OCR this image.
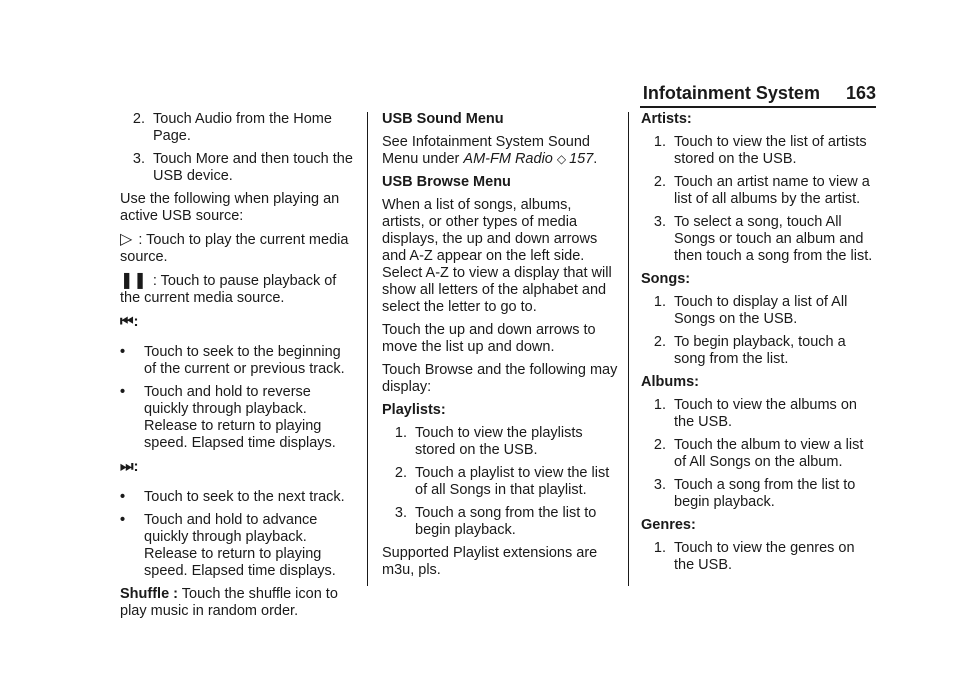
Infotainment System 163
2. Touch Audio from the Home Page.
3. Touch More and then touch the USB device.

Use the following when playing an active USB source:

▷ : Touch to play the current media source.

❚❚ : Touch to pause playback of the current media source.

⏮:

•	Touch to seek to the beginning of the current or previous track.
•	Touch and hold to reverse quickly through playback. Release to return to playing speed. Elapsed time displays.

⏭:

•	Touch to seek to the next track.
•	Touch and hold to advance quickly through playback. Release to return to playing speed. Elapsed time displays.

Shuffle : Touch the shuffle icon to play music in random order.

USB Sound Menu

See Infotainment System Sound Menu under AM-FM Radio ◇ 157.

USB Browse Menu

When a list of songs, albums, artists, or other types of media displays, the up and down arrows and A-Z appear on the left side. Select A-Z to view a display that will show all letters of the alphabet and select the letter to go to.

Touch the up and down arrows to move the list up and down.

Touch Browse and the following may display:

Playlists:

1. Touch to view the playlists stored on the USB.
2. Touch a playlist to view the list of all Songs in that playlist.
3. Touch a song from the list to begin playback.

Supported Playlist extensions are m3u, pls.

Artists:

1. Touch to view the list of artists stored on the USB.
2. Touch an artist name to view a list of all albums by the artist.
3. To select a song, touch All Songs or touch an album and then touch a song from the list.

Songs:

1. Touch to display a list of All Songs on the USB.
2. To begin playback, touch a song from the list.

Albums:

1. Touch to view the albums on the USB.
2. Touch the album to view a list of All Songs on the album.
3. Touch a song from the list to begin playback.

Genres:

1. Touch to view the genres on the USB.
